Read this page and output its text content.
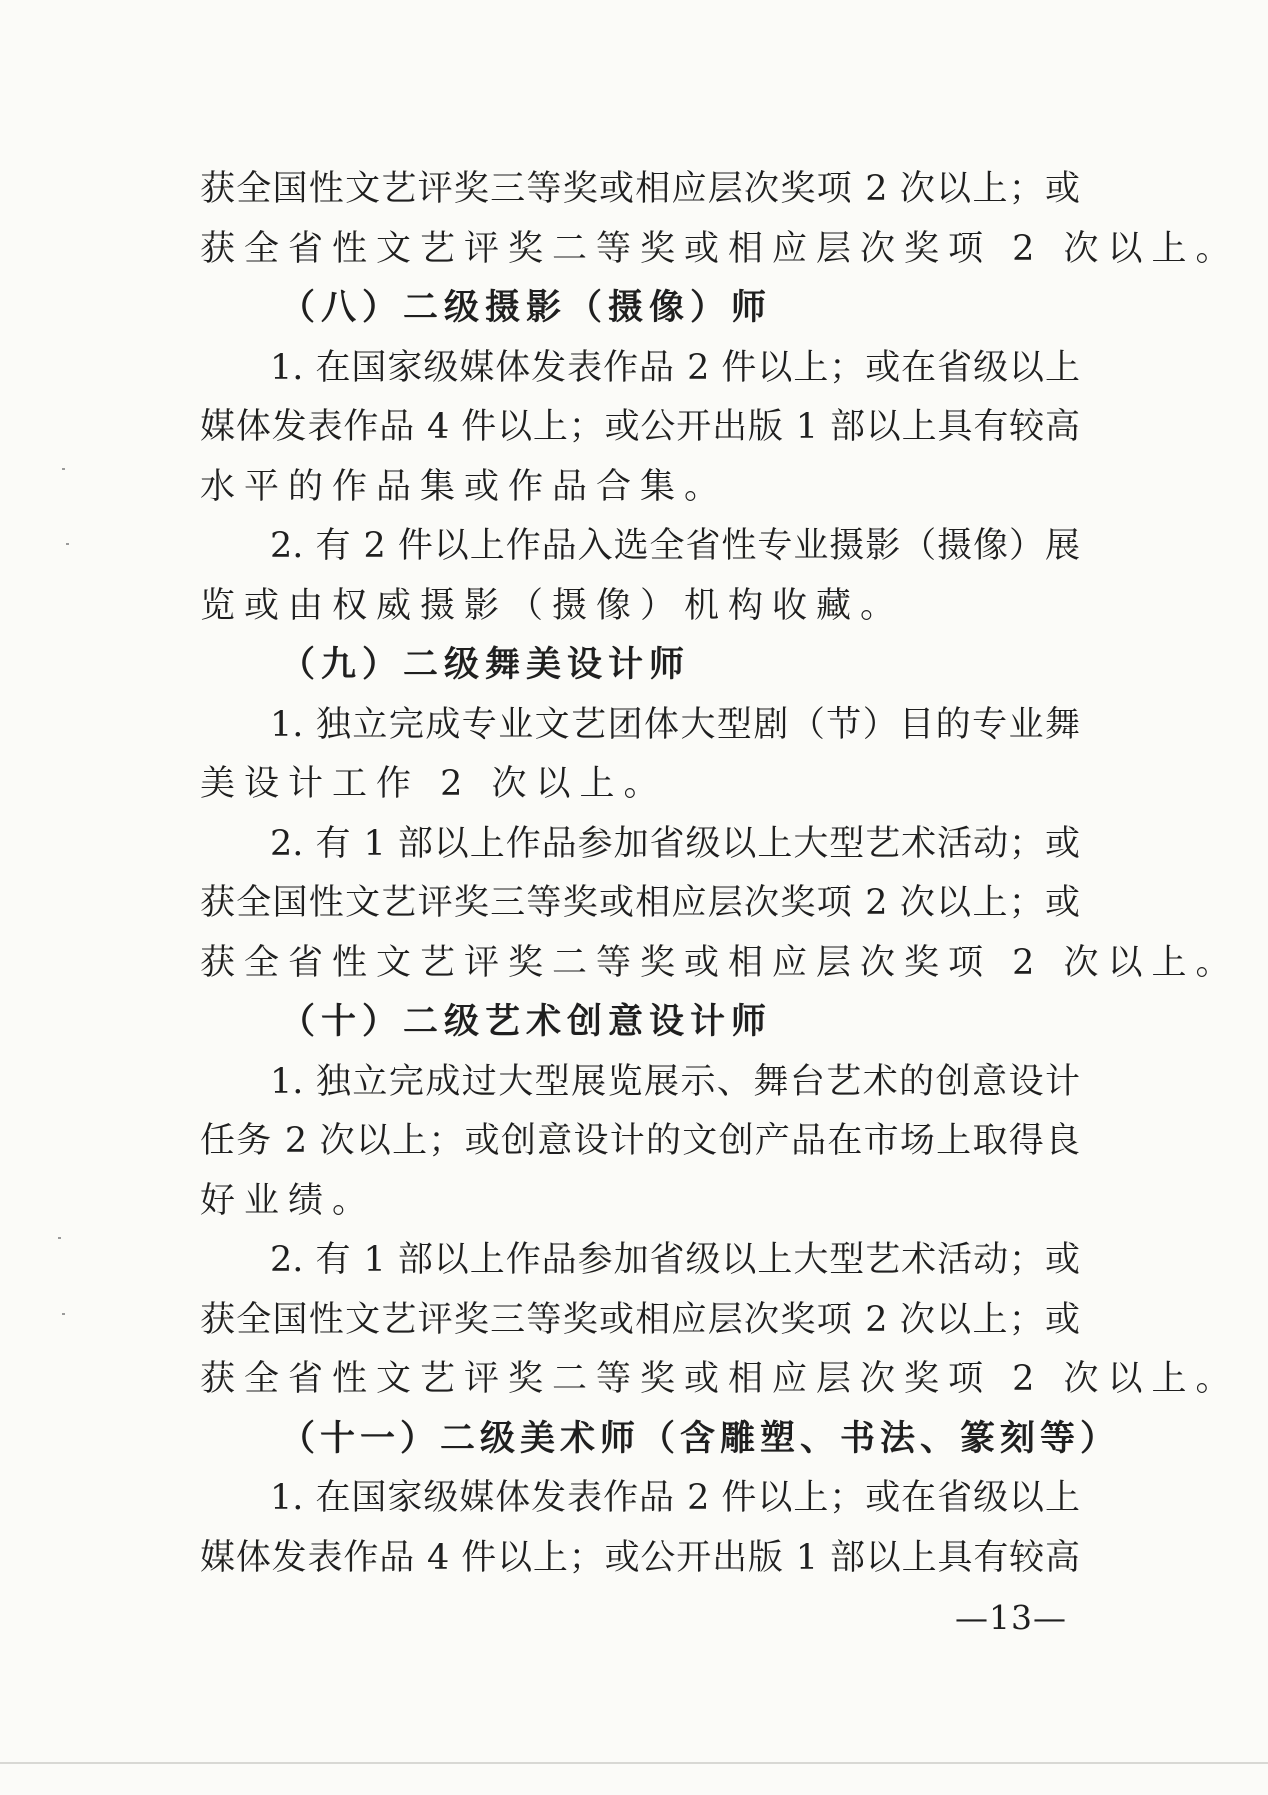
获全国性文艺评奖三等奖或相应层次奖项 2 次以上；或
获全省性文艺评奖二等奖或相应层次奖项 2 次以上。
（八）二级摄影（摄像）师
1. 在国家级媒体发表作品 2 件以上；或在省级以上
媒体发表作品 4 件以上；或公开出版 1 部以上具有较高
水平的作品集或作品合集。
2. 有 2 件以上作品入选全省性专业摄影（摄像）展
览或由权威摄影（摄像）机构收藏。
（九）二级舞美设计师
1. 独立完成专业文艺团体大型剧（节）目的专业舞
美设计工作 2 次以上。
2. 有 1 部以上作品参加省级以上大型艺术活动；或
获全国性文艺评奖三等奖或相应层次奖项 2 次以上；或
获全省性文艺评奖二等奖或相应层次奖项 2 次以上。
（十）二级艺术创意设计师
1. 独立完成过大型展览展示、舞台艺术的创意设计
任务 2 次以上；或创意设计的文创产品在市场上取得良
好业绩。
2. 有 1 部以上作品参加省级以上大型艺术活动；或
获全国性文艺评奖三等奖或相应层次奖项 2 次以上；或
获全省性文艺评奖二等奖或相应层次奖项 2 次以上。
（十一）二级美术师（含雕塑、书法、篆刻等）
1. 在国家级媒体发表作品 2 件以上；或在省级以上
媒体发表作品 4 件以上；或公开出版 1 部以上具有较高
—13—
